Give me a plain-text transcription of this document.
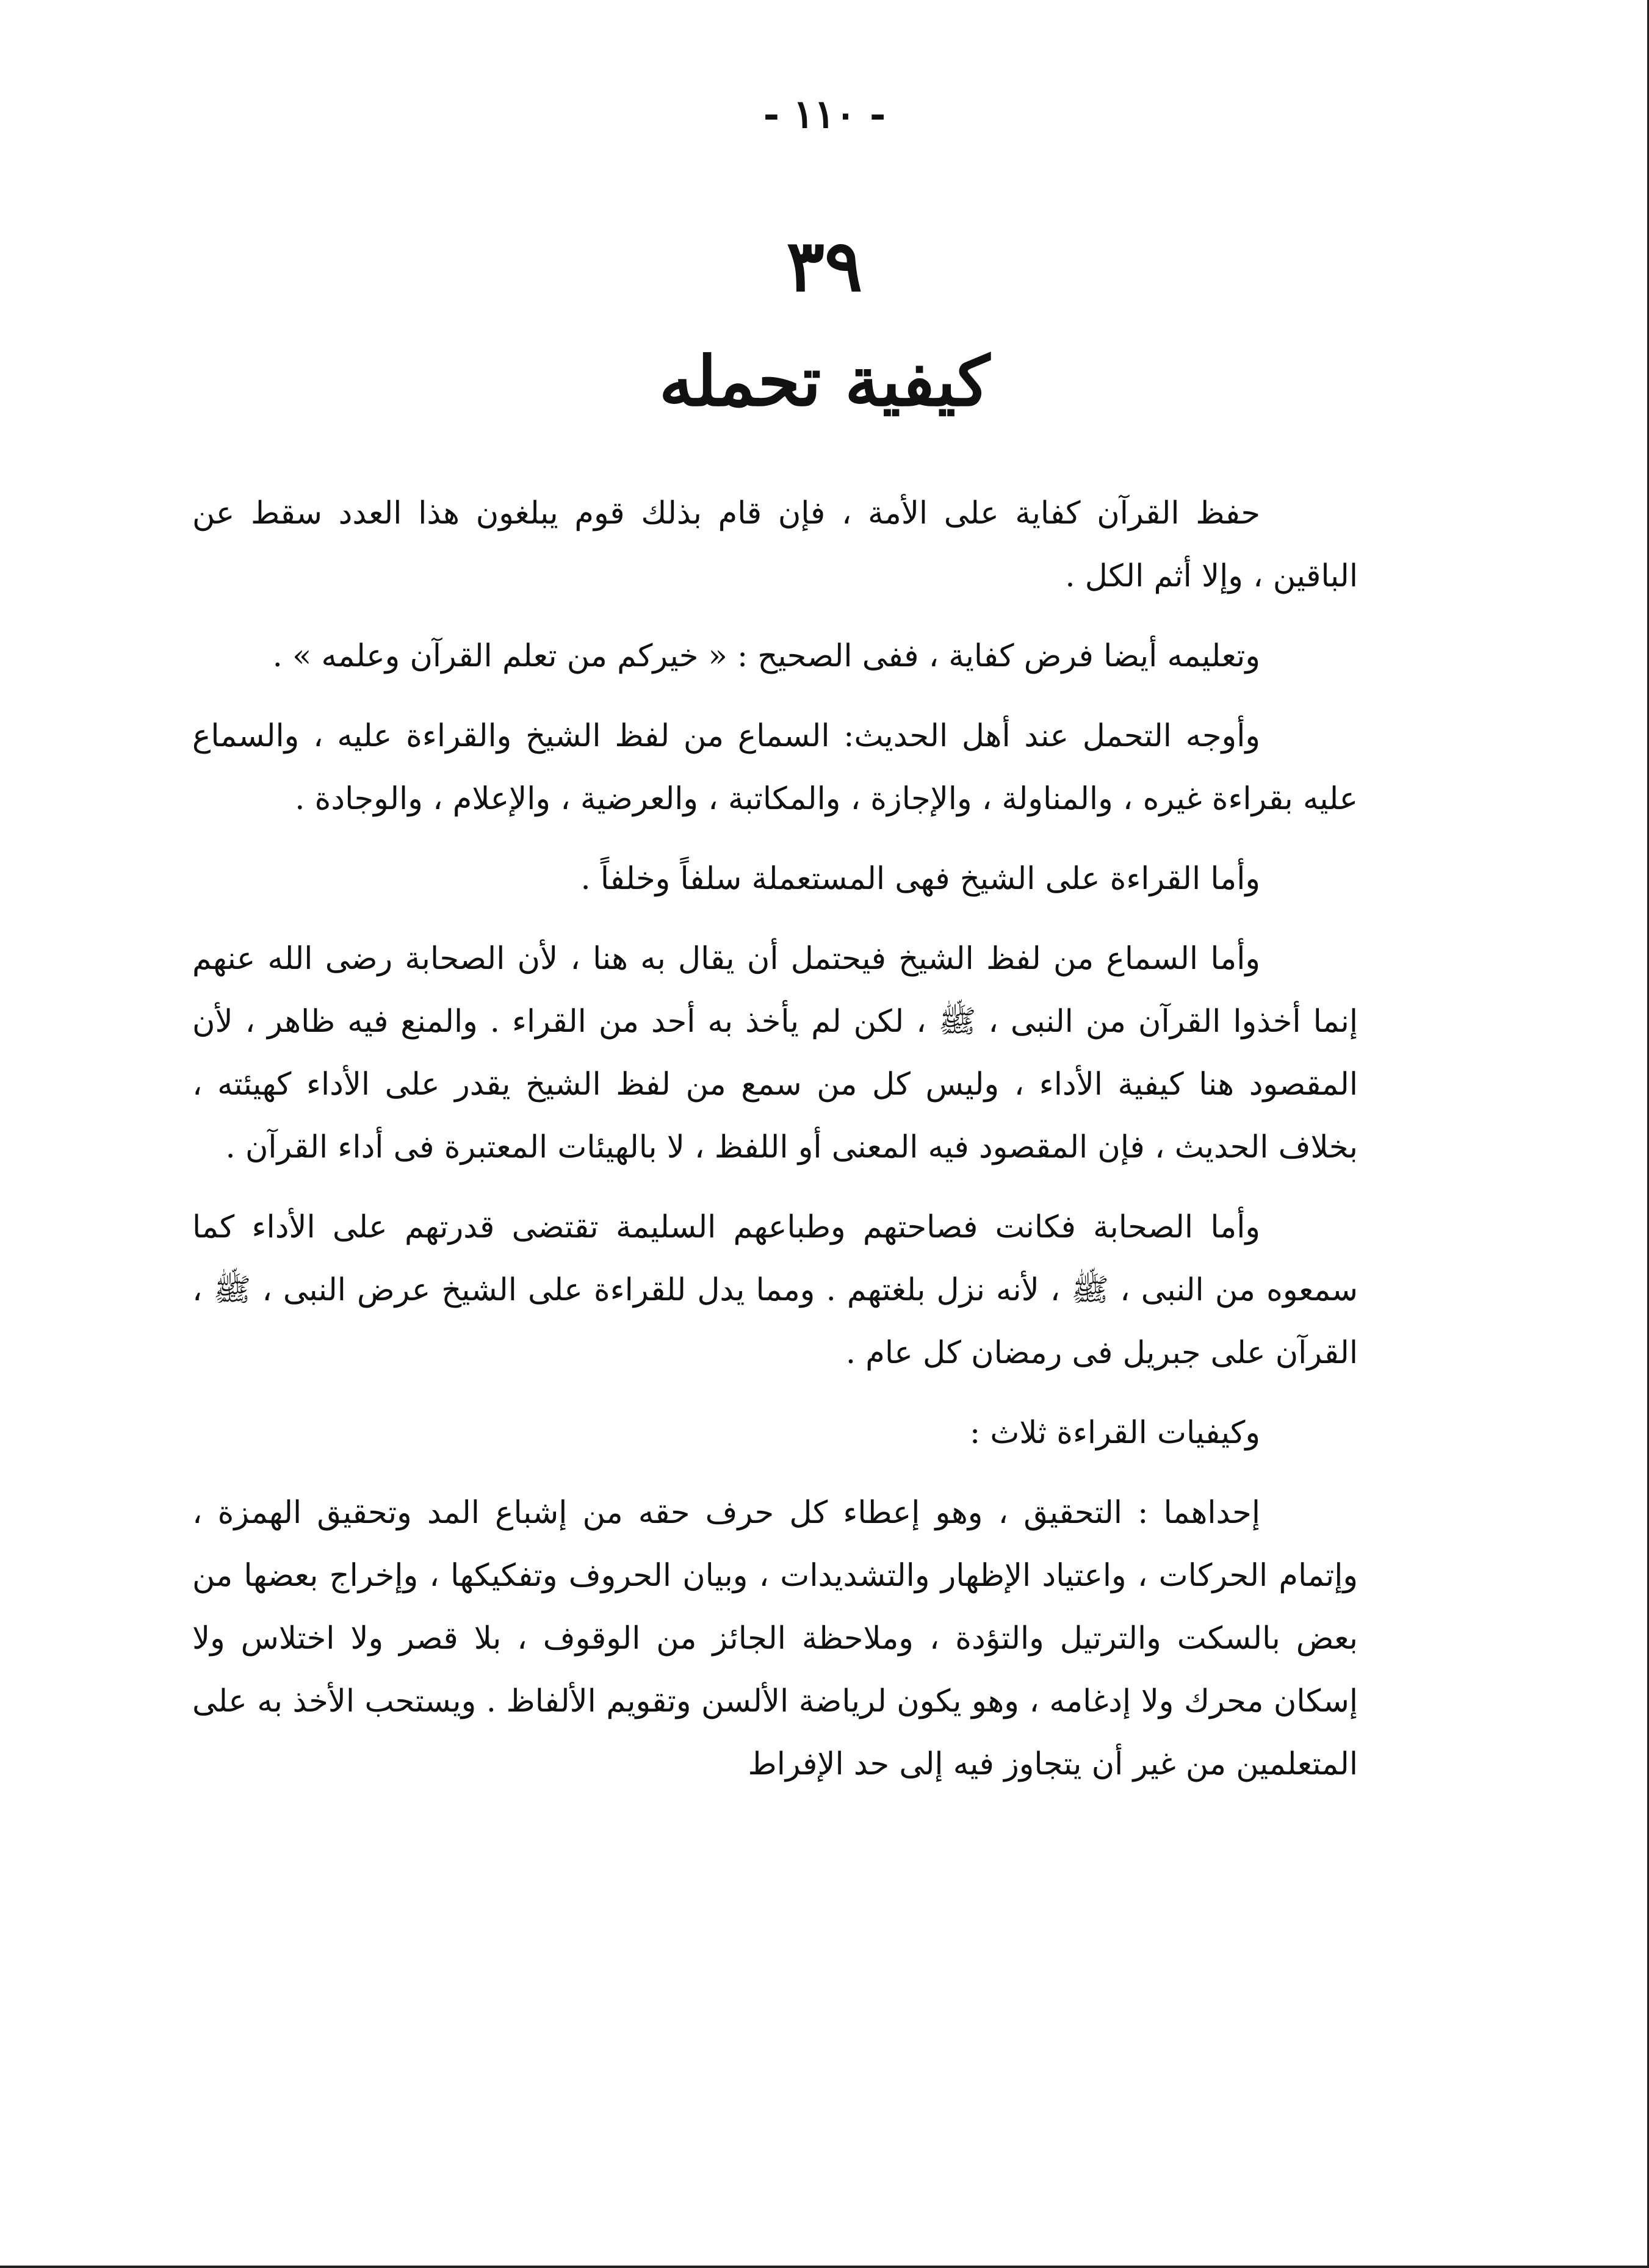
- ١١٠ -
٣٩
كيفية تحمله

حفظ القرآن كفاية على الأمة ، فإن قام بذلك قوم يبلغون هذا العدد سقط عن الباقين ، وإلا أثم الكل .

وتعليمه أيضا فرض كفاية ، ففى الصحيح : « خيركم من تعلم القرآن وعلمه » .

وأوجه التحمل عند أهل الحديث: السماع من لفظ الشيخ والقراءة عليه ، والسماع عليه بقراءة غيره ، والمناولة ، والإجازة ، والمكاتبة ، والعرضية ، والإعلام ، والوجادة .

وأما القراءة على الشيخ فهى المستعملة سلفاً وخلفاً .

وأما السماع من لفظ الشيخ فيحتمل أن يقال به هنا ، لأن الصحابة رضى الله عنهم إنما أخذوا القرآن من النبى ، ﷺ ، لكن لم يأخذ به أحد من القراء . والمنع فيه ظاهر ، لأن المقصود هنا كيفية الأداء ، وليس كل من سمع من لفظ الشيخ يقدر على الأداء كهيئته ، بخلاف الحديث ، فإن المقصود فيه المعنى أو اللفظ ، لا بالهيئات المعتبرة فى أداء القرآن .

وأما الصحابة فكانت فصاحتهم وطباعهم السليمة تقتضى قدرتهم على الأداء كما سمعوه من النبى ، ﷺ ، لأنه نزل بلغتهم . ومما يدل للقراءة على الشيخ عرض النبى ، ﷺ ، القرآن على جبريل فى رمضان كل عام .

وكيفيات القراءة ثلاث :

إحداهما : التحقيق ، وهو إعطاء كل حرف حقه من إشباع المد وتحقيق الهمزة ، وإتمام الحركات ، واعتياد الإظهار والتشديدات ، وبيان الحروف وتفكيكها ، وإخراج بعضها من بعض بالسكت والترتيل والتؤدة ، وملاحظة الجائز من الوقوف ، بلا قصر ولا اختلاس ولا إسكان محرك ولا إدغامه ، وهو يكون لرياضة الألسن وتقويم الألفاظ . ويستحب الأخذ به على المتعلمين من غير أن يتجاوز فيه إلى حد الإفراط
